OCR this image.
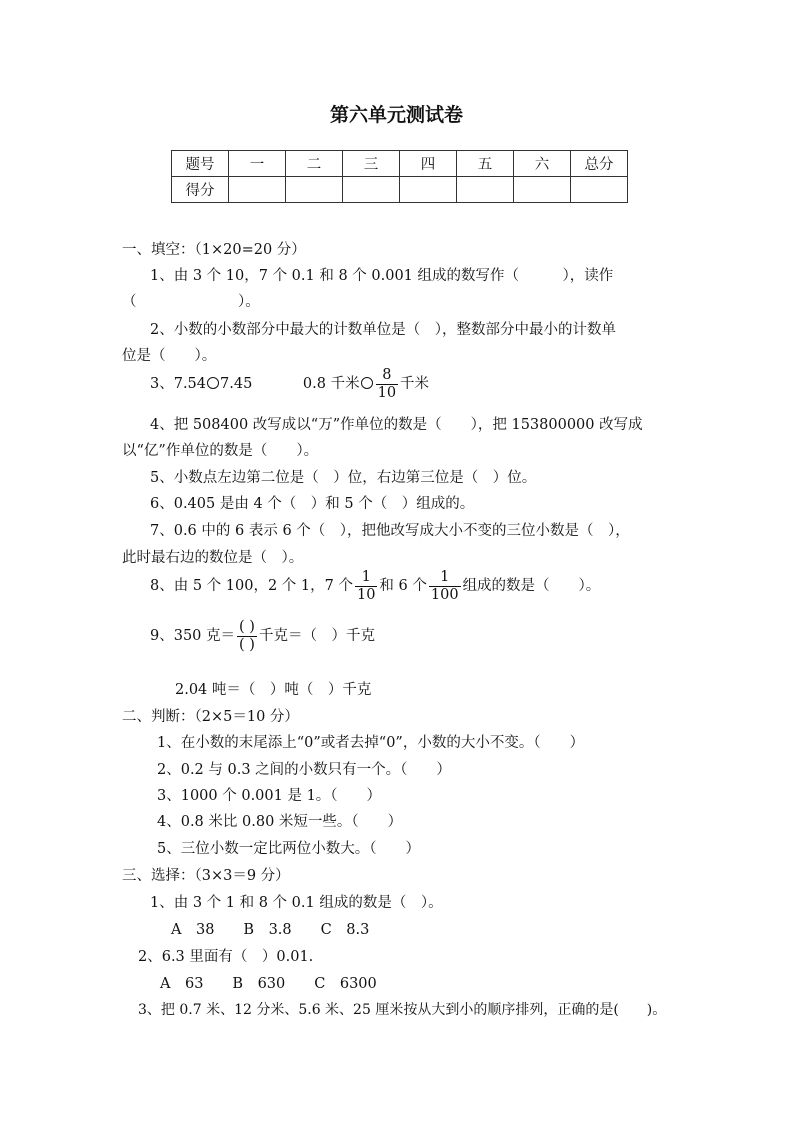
第六单元测试卷
题号	一	二	三	四	五	六	总分
得分							
一、填空：（1×20=20 分）
1、由 3 个 10，7 个 0.1 和 8 个 0.001 组成的数写作（　　　），读作
（　　　　　　　）。
2、小数的小数部分中最大的计数单位是（　），整数部分中最小的计数单
位是（　　）。
3、7.54 7.45	0.8 千米 $\frac{8}{10}$ 千米
4、把 508400 改写成以“万”作单位的数是（　　），把 153800000 改写成
以“亿”作单位的数是（　　）。
5、小数点左边第二位是（　）位，右边第三位是（　）位。
6、0.405 是由 4 个（　）和 5 个（　）组成的。
7、0.6 中的 6 表示 6 个（　），把他改写成大小不变的三位小数是（　），
此时最右边的数位是（　）。
8、由 5 个 100，2 个 1，7 个 $\frac{1}{10}$ 和 6 个 $\frac{1}{100}$ 组成的数是（　　）。
9、350 克＝ $\frac{( )}{( )}$ 千克＝（　）千克
2.04 吨＝（　）吨（　）千克
二、判断：（2×5＝10 分）
1、在小数的末尾添上“0”或者去掉“0”，小数的大小不变。（　　）
2、0.2 与 0.3 之间的小数只有一个。（　　）
3、1000 个 0.001 是 1。（　　）
4、0.8 米比 0.80 米短一些。（　　）
5、三位小数一定比两位小数大。（　　）
三、选择：（3×3＝9 分）
1、由 3 个 1 和 8 个 0.1 组成的数是（　）。
A　38　　B　3.8　　C　8.3
2、6.3 里面有（　）0.01.
A　63　　B　630　　C　6300
3、把 0.7 米、12 分米、5.6 米、25 厘米按从大到小的顺序排列，正确的是(　　)。
